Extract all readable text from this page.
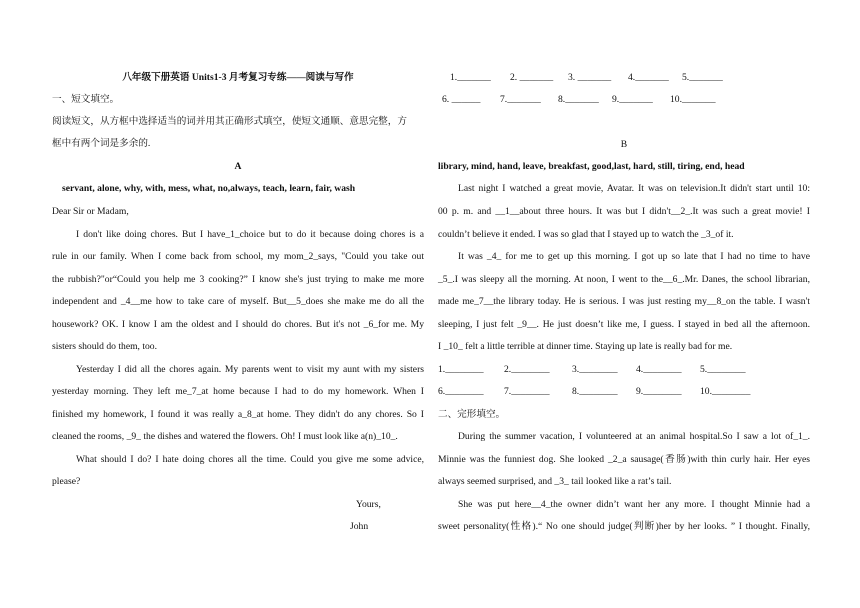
八年级下册英语 Units1-3 月考复习专练——阅读与写作
一、短文填空。
阅读短文，从方框中选择适当的词并用其正确形式填空，使短文通顺、意思完整，方
框中有两个词是多余的.
A
servant, alone, why, with, mess, what, no,always, teach, learn, fair, wash
Dear Sir or Madam,
I don't like doing chores. But I have_1_choice but to do it because doing chores is a
rule in our family. When I come back from school, my mom_2_says, "Could you take out
the rubbish?"or“Could you help me 3 cooking?” I know she's just trying to make me more
independent and _4__me how to take care of myself. But__5_does she make me do all the
housework? OK. I know I am the oldest and I should do chores. But it's not _6_for me. My
sisters should do them, too.
Yesterday I did all the chores again. My parents went to visit my aunt with my sisters
yesterday morning. They left me_7_at home because I had to do my homework. When I
finished my homework, I found it was really a_8_at home. They didn't do any chores. So I
cleaned the rooms, _9_ the dishes and watered the flowers. Oh! I must look like a(n)_10_.
What should I do? I hate doing chores all the time. Could you give me some advice,
please?
Yours,
John
1._______ 2. _______ 3. _______ 4._______ 5._______
6. ______ 7._______ 8._______ 9._______ 10._______
B
library, mind, hand, leave, breakfast, good,last, hard, still, tiring, end, head
Last night I watched a great movie, Avatar. It was on television.It didn't start until 10:
00 p. m. and __1__about three hours. It was but I didn't__2_.It was such a great movie! I
couldn’t believe it ended. I was so glad that I stayed up to watch the _3_of it.
It was _4_ for me to get up this morning. I got up so late that I had no time to have
_5_.I was sleepy all the morning. At noon, I went to the__6_.Mr. Danes, the school librarian,
made me_7__the library today. He is serious. I was just resting my__8_on the table. I wasn't
sleeping, I just felt _9__. He just doesn’t like me, I guess. I stayed in bed all the afternoon.
I _10_ felt a little terrible at dinner time. Staying up late is really bad for me.
1.________ 2.________ 3.________ 4.________ 5.________
6.________ 7.________ 8.________ 9.________ 10.________
二、完形填空。
During the summer vacation, I volunteered at an animal hospital.So I saw a lot of_1_.
Minnie was the funniest dog. She looked _2_a sausage(香肠)with thin curly hair. Her eyes
always seemed surprised, and _3_ tail looked like a rat’s tail.
She was put here__4_the owner didn’t want her any more. I thought Minnie had a
sweet personality(性格).“ No one should judge(判断)her by her looks. ” I thought. Finally,
